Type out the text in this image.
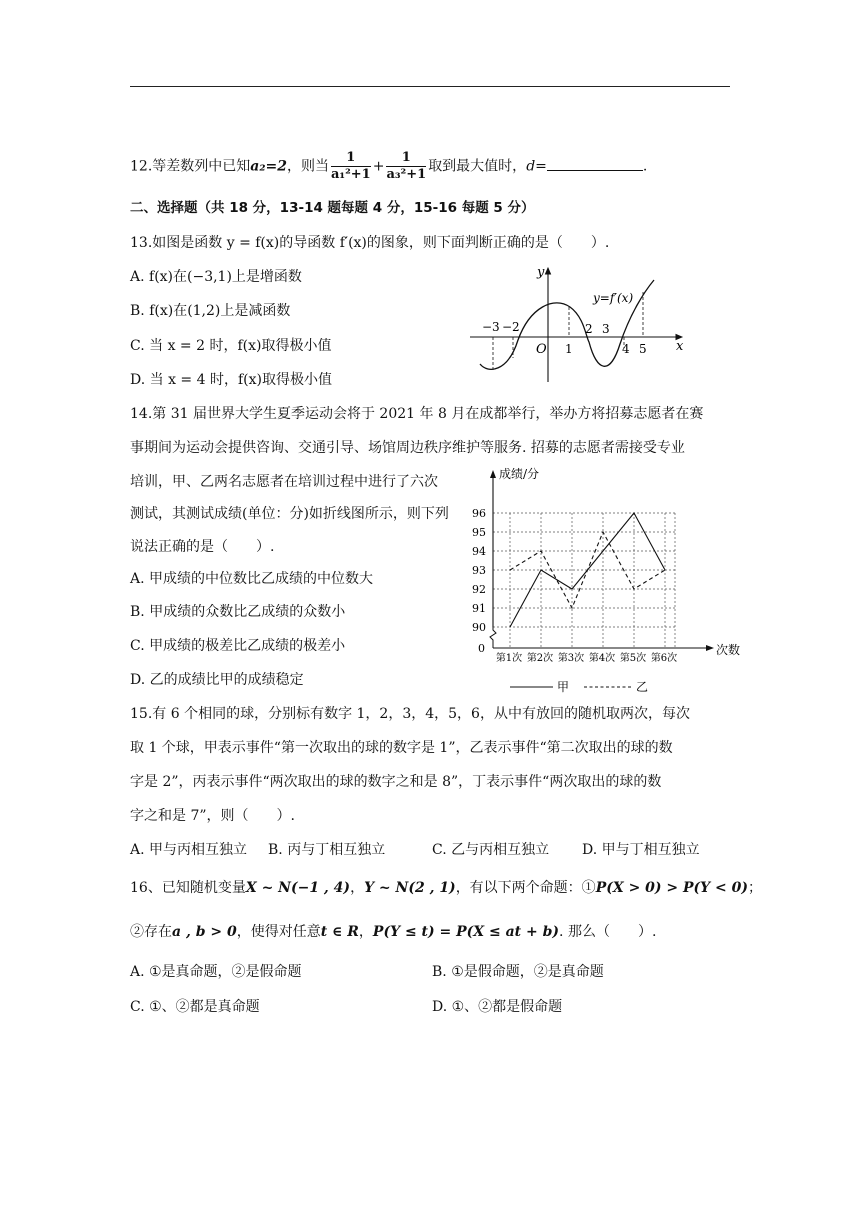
12.等差数列中已知a₂=2，则当 $\frac{1}{\text{a₁²+1}} + \frac{1}{\text{a₃²+1}}$ 取到最大值时，d=	.
二、选择题（共 18 分，13-14 题每题 4 分，15-16 每题 5 分）
13.如图是函数 y = f(x)的导函数 f′(x)的图象，则下面判断正确的是（　　）.
A. f(x)在(−3,1)上是增函数
B. f(x)在(1,2)上是减函数
C. 当 x = 2 时，f(x)取得极小值
D. 当 x = 4 时，f(x)取得极小值
y
x
O
y=f′(x)
−3 −2
1
2 3
4 5
14.第 31 届世界大学生夏季运动会将于 2021 年 8 月在成都举行，举办方将招募志愿者在赛
事期间为运动会提供咨询、交通引导、场馆周边秩序维护等服务. 招募的志愿者需接受专业
培训，甲、乙两名志愿者在培训过程中进行了六次
测试，其测试成绩(单位：分)如折线图所示，则下列
说法正确的是（　　）.
A. 甲成绩的中位数比乙成绩的中位数大
B. 甲成绩的众数比乙成绩的众数小
C. 甲成绩的极差比乙成绩的极差小
D. 乙的成绩比甲的成绩稳定
成绩/分
次数
0
90
91
92
93
94
95
96
第1次 第2次 第3次 第4次 第5次 第6次
甲	乙
15.有 6 个相同的球，分别标有数字 1，2，3，4，5，6，从中有放回的随机取两次，每次
取 1 个球，甲表示事件“第一次取出的球的数字是 1”，乙表示事件“第二次取出的球的数
字是 2”，丙表示事件“两次取出的球的数字之和是 8”，丁表示事件“两次取出的球的数
字之和是 7”，则（　　）.
A. 甲与丙相互独立 B. 丙与丁相互独立	C. 乙与丙相互独立 D. 甲与丁相互独立
16、已知随机变量X ~ N(−1 , 4)，Y ~ N(2 , 1)，有以下两个命题：①P(X > 0) > P(Y < 0)；
②存在a , b > 0，使得对任意t ∈ R，P(Y ≤ t) = P(X ≤ at + b). 那么（　　）.
A. ①是真命题，②是假命题	B. ①是假命题，②是真命题
C. ①、②都是真命题	D. ①、②都是假命题
